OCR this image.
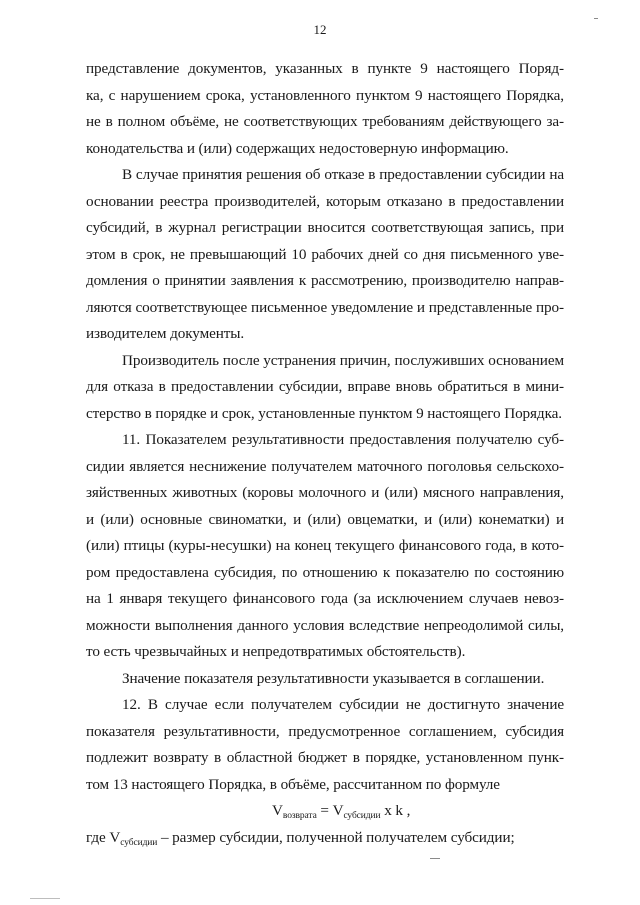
12
представление документов, указанных в пункте 9 настоящего Поряд-
ка, с нарушением срока, установленного пунктом 9 настоящего Порядка,
не в полном объёме, не соответствующих требованиям действующего за-
конодательства и (или) содержащих недостоверную информацию.
В случае принятия решения об отказе в предоставлении субсидии на
основании реестра производителей, которым отказано в предоставлении
субсидий, в журнал регистрации вносится соответствующая запись, при
этом в срок, не превышающий 10 рабочих дней со дня письменного уве-
домления о принятии заявления к рассмотрению, производителю направ-
ляются соответствующее письменное уведомление и представленные про-
изводителем документы.
Производитель после устранения причин, послуживших основанием
для отказа в предоставлении субсидии, вправе вновь обратиться в мини-
стерство в порядке и срок, установленные пунктом 9 настоящего Порядка.
11. Показателем результативности предоставления получателю суб-
сидии является неснижение получателем маточного поголовья сельскохо-
зяйственных животных (коровы молочного и (или) мясного направления,
и (или) основные свиноматки, и (или) овцематки, и (или) конематки) и
(или) птицы (куры-несушки) на конец текущего финансового года, в кото-
ром предоставлена субсидия, по отношению к показателю по состоянию
на 1 января текущего финансового года (за исключением случаев невоз-
можности выполнения данного условия вследствие непреодолимой силы,
то есть чрезвычайных и непредотвратимых обстоятельств).
Значение показателя результативности указывается в соглашении.
12. В случае если получателем субсидии не достигнуто значение
показателя результативности, предусмотренное соглашением, субсидия
подлежит возврату в областной бюджет в порядке, установленном пунк-
том 13 настоящего Порядка, в объёме, рассчитанном по формуле
Vвозврата = Vсубсидии x k ,
где Vсубсидии – размер субсидии, полученной получателем субсидии;
